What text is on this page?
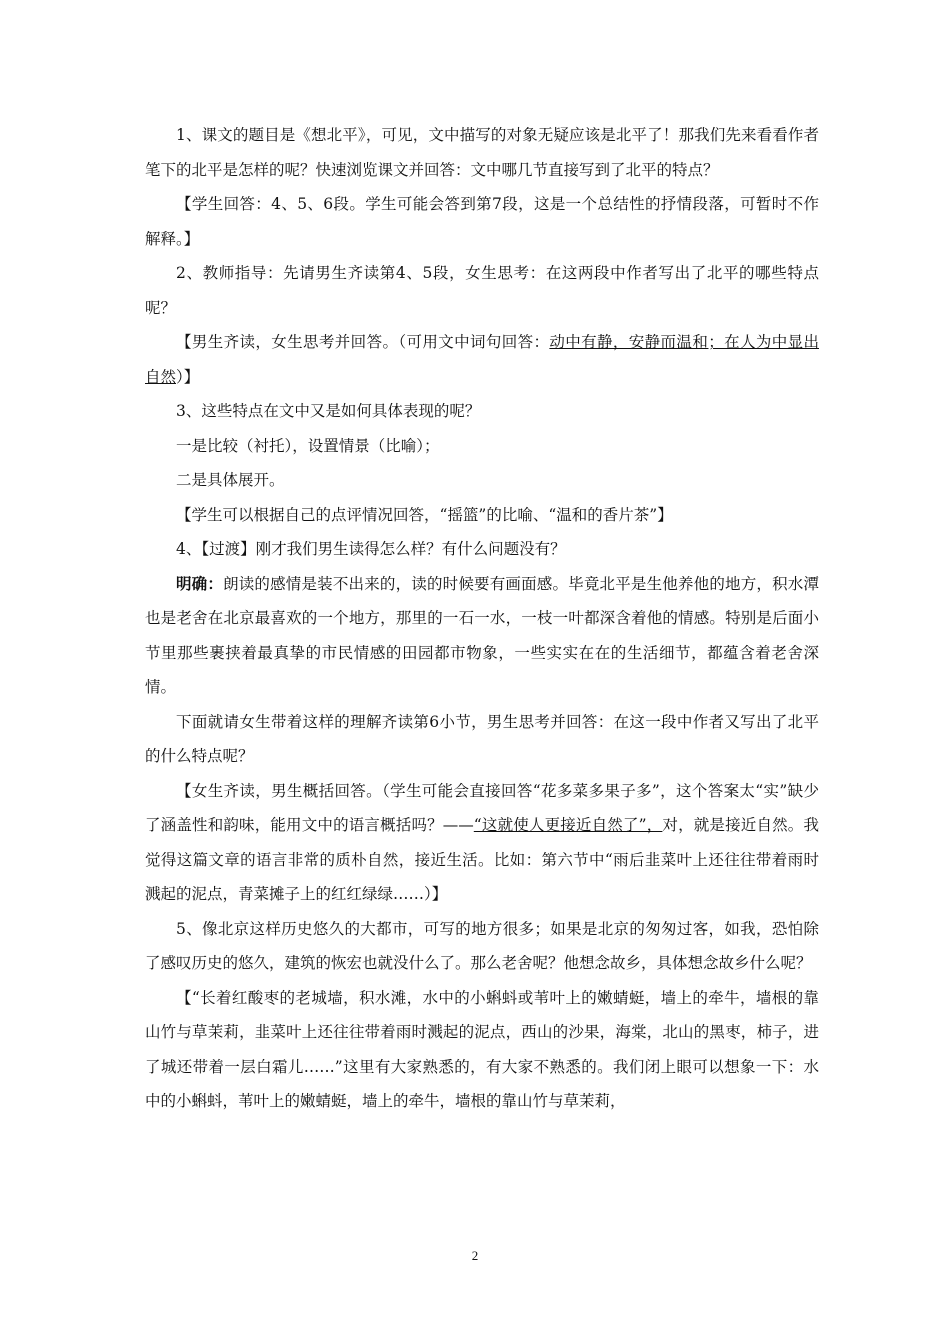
1、课文的题目是《想北平》，可见，文中描写的对象无疑应该是北平了！那我们先来看看作者笔下的北平是怎样的呢？快速浏览课文并回答：文中哪几节直接写到了北平的特点？

【学生回答：4、5、6段。学生可能会答到第7段，这是一个总结性的抒情段落，可暂时不作解释。】

2、教师指导：先请男生齐读第4、5段，女生思考：在这两段中作者写出了北平的哪些特点呢？

【男生齐读，女生思考并回答。（可用文中词句回答：动中有静，安静而温和；在人为中显出自然）】

3、这些特点在文中又是如何具体表现的呢？

一是比较（衬托），设置情景（比喻）；

二是具体展开。

【学生可以根据自己的点评情况回答，“摇篮”的比喻、“温和的香片茶”】

4、【过渡】刚才我们男生读得怎么样？有什么问题没有？

明确：朗读的感情是装不出来的，读的时候要有画面感。毕竟北平是生他养他的地方，积水潭也是老舍在北京最喜欢的一个地方，那里的一石一水，一枝一叶都深含着他的情感。特别是后面小节里那些裹挟着最真挚的市民情感的田园都市物象，一些实实在在的生活细节，都蕴含着老舍深情。

下面就请女生带着这样的理解齐读第6小节，男生思考并回答：在这一段中作者又写出了北平的什么特点呢？

【女生齐读，男生概括回答。（学生可能会直接回答“花多菜多果子多”，这个答案太“实”缺少了涵盖性和韵味，能用文中的语言概括吗？——“这就使人更接近自然了”，对，就是接近自然。我觉得这篇文章的语言非常的质朴自然，接近生活。比如：第六节中“雨后韭菜叶上还往往带着雨时溅起的泥点，青菜摊子上的红红绿绿……）】

5、像北京这样历史悠久的大都市，可写的地方很多；如果是北京的匆匆过客，如我，恐怕除了感叹历史的悠久，建筑的恢宏也就没什么了。那么老舍呢？他想念故乡，具体想念故乡什么呢？

【“长着红酸枣的老城墙，积水滩，水中的小蝌蚪或苇叶上的嫩蜻蜓，墙上的牵牛，墙根的靠山竹与草茉莉，韭菜叶上还往往带着雨时溅起的泥点，西山的沙果，海棠，北山的黑枣，柿子，进了城还带着一层白霜儿……”这里有大家熟悉的，有大家不熟悉的。我们闭上眼可以想象一下：水中的小蝌蚪，苇叶上的嫩蜻蜓，墙上的牵牛，墙根的靠山竹与草茉莉，

2
